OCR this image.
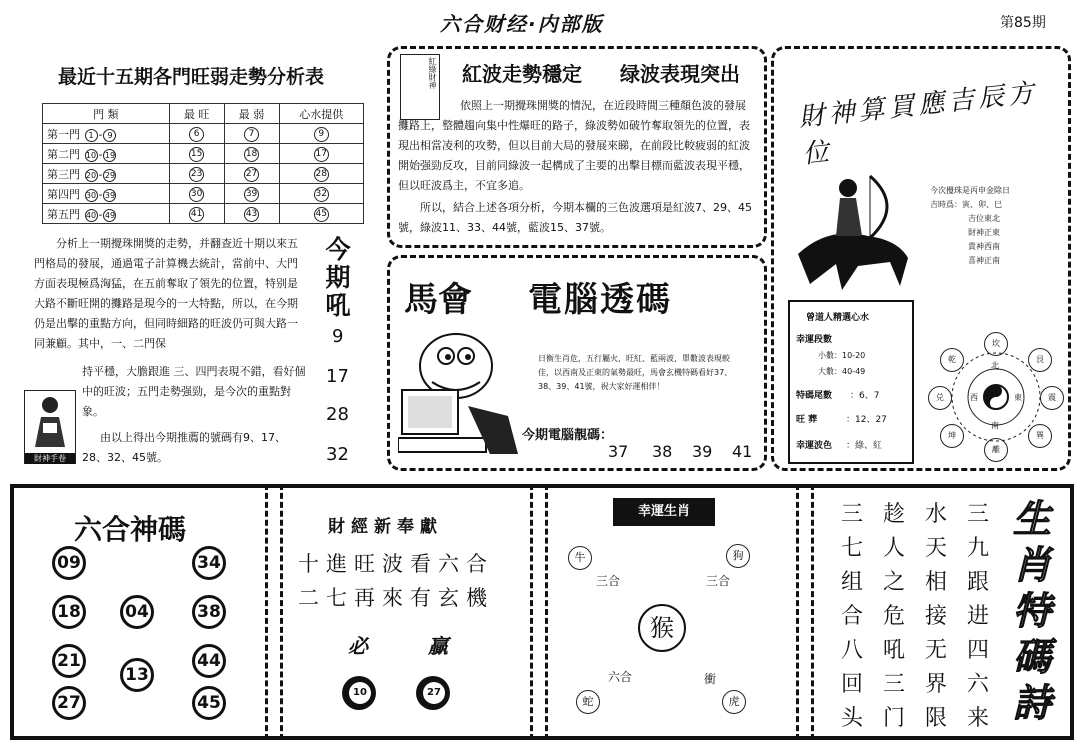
六合财经·内部版	第85期
最近十五期各門旺弱走勢分析表
門 類	最 旺	最 弱	心水提供
第一門 1 - 9	6	7	9
第二門 10 - 19	15	18	17
第三門 20 - 29	23	27	28
第四門 30 - 39	30	39	32
第五門 40 - 49	41	43	45
分析上一期攪珠開獎的走勢，并翻查近十期以來五門格局的發展，通過電子計算機去統計，當前中、大門方面表現極爲洶猛，在五前奪取了領先的位置，特别是大路不斷旺開的攤路是現今的一大特點，所以，在今期仍是出擊的重點方向，但同時細路的旺波仍可與大路一同兼顧。其中，一、二門保
持平穩，大膽跟進 三、四門表現不錯，看好個中的旺波；五門走勢强勁，是今次的重點對象。
由以上得出今期推薦的號碼有9、17、28、32、45號。
財神手卷
今期吼
9
17
28
32
紅綠財神 紅波走勢穩定 绿波表現突出
依照上一期攪珠開獎的情況，在近段時間三種顏色波的發展攤路上，整體趨向集中性爆旺的路子，綠波勢如破竹奪取領先的位置，表現出相當凌利的攻勢，但以目前大局的發展來睇，在前段比較疲弱的紅波開始强勁反攻，目前同綠波一起構成了主要的出擊目標而藍波表現平穩，但以旺波爲主，不宜多追。
所以，結合上述各項分析，今期本欄的三色波選項是紅波7、29、45號，綠波11、33、44號，藍波15、37號。
馬會 電腦透碼
日衡生肖危，五行屬火，旺紅、藍兩波，單數波表現較佳，以西南及正東的氣勢最旺，馬會玄機特碼看好37、38、39、41號，祝大家好運相伴！
今期電腦靚碼：
37 38 39 41
財神算買應吉辰方位
今次攪珠是丙申金除日
吉時爲：寅、卯、巳
吉位東北
財神正東
貴神西南
喜神正南
曾道人精選心水
幸運段數
小數：10-20
大數：40-49
特碼尾數 ：6、7
旺 葬	：12、27
幸運波色 ：綠、紅
坎
艮
震
巽
離
坤
兑
乾
北
東
南
西
六合神碼
09
18
21
27
04
13
34
38
44
45
財經新奉獻
十進旺波看六合
二七再來有玄機
必	贏
10	27
幸運生肖
牛	狗
三合	三合
猴
六合	衝
蛇	虎
三
七
组
合
八
回
头
趁
人
之
危
吼
三
门
水
天
相
接
无
界
限
三
九
跟
进
四
六
来
生肖特碼詩
